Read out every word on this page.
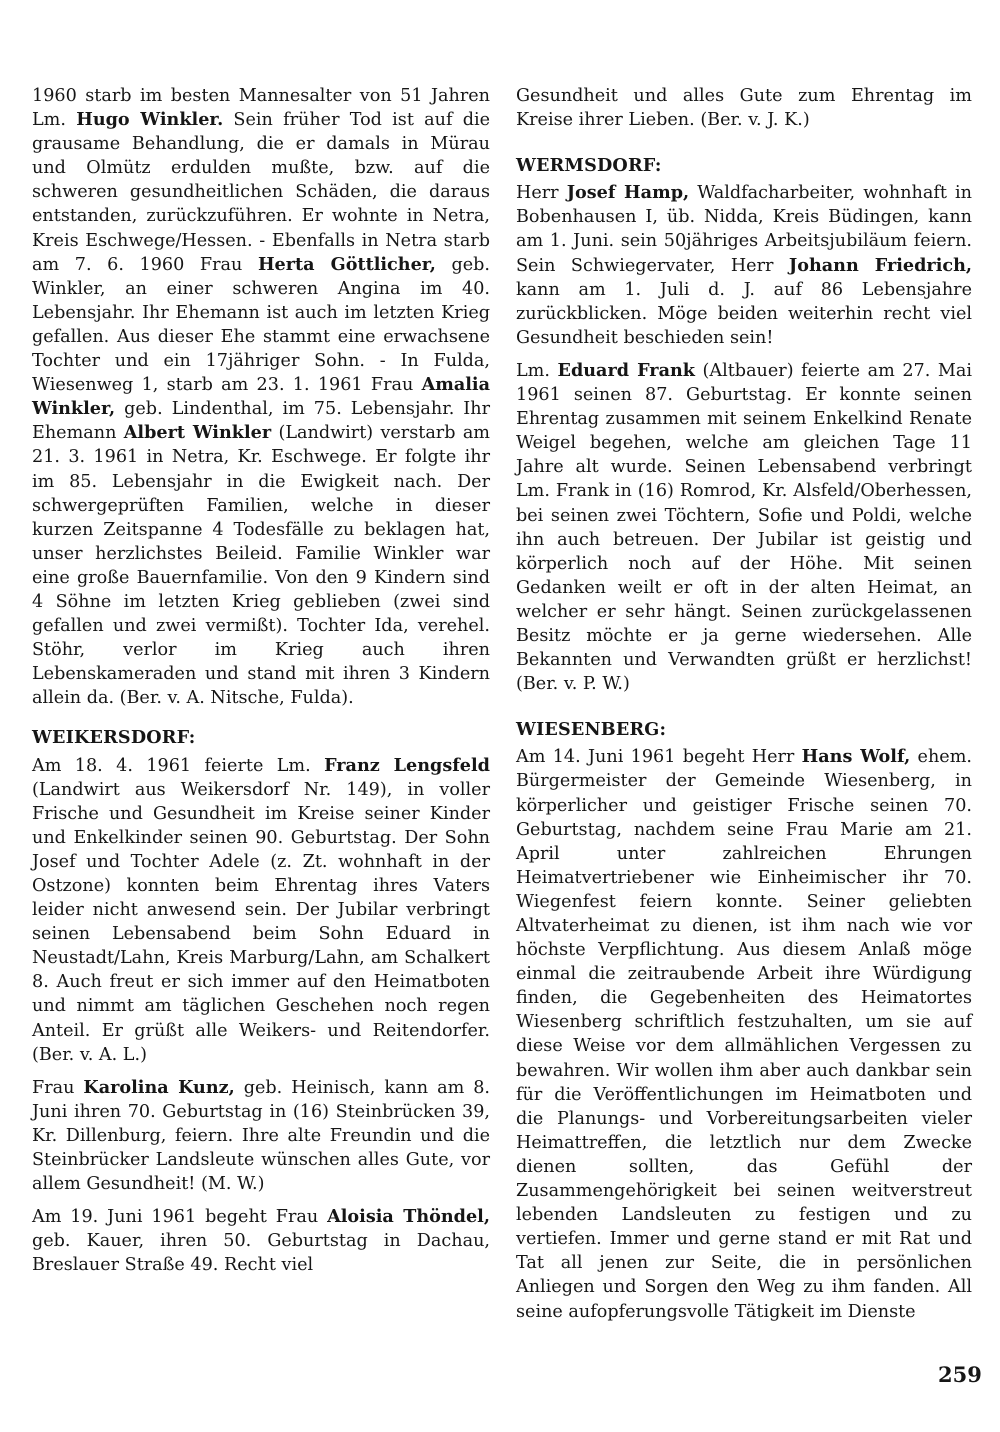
1960 starb im besten Mannesalter von 51 Jahren Lm. Hugo Winkler. Sein früher Tod ist auf die grausame Behandlung, die er damals in Mürau und Olmütz erdulden mußte, bzw. auf die schweren gesundheitlichen Schäden, die daraus entstanden, zurückzuführen. Er wohnte in Netra, Kreis Eschwege/Hessen. - Ebenfalls in Netra starb am 7. 6. 1960 Frau Herta Göttlicher, geb. Winkler, an einer schweren Angina im 40. Lebensjahr. Ihr Ehemann ist auch im letzten Krieg gefallen. Aus dieser Ehe stammt eine erwachsene Tochter und ein 17jähriger Sohn. - In Fulda, Wiesenweg 1, starb am 23. 1. 1961 Frau Amalia Winkler, geb. Lindenthal, im 75. Lebensjahr. Ihr Ehemann Albert Winkler (Landwirt) verstarb am 21. 3. 1961 in Netra, Kr. Eschwege. Er folgte ihr im 85. Lebensjahr in die Ewigkeit nach. Der schwergeprüften Familien, welche in dieser kurzen Zeitspanne 4 Todesfälle zu beklagen hat, unser herzlichstes Beileid. Familie Winkler war eine große Bauernfamilie. Von den 9 Kindern sind 4 Söhne im letzten Krieg geblieben (zwei sind gefallen und zwei vermißt). Tochter Ida, verehel. Stöhr, verlor im Krieg auch ihren Lebenskameraden und stand mit ihren 3 Kindern allein da. (Ber. v. A. Nitsche, Fulda).

WEIKERSDORF:

Am 18. 4. 1961 feierte Lm. Franz Lengsfeld (Landwirt aus Weikersdorf Nr. 149), in voller Frische und Gesundheit im Kreise seiner Kinder und Enkelkinder seinen 90. Geburtstag. Der Sohn Josef und Tochter Adele (z. Zt. wohnhaft in der Ostzone) konnten beim Ehrentag ihres Vaters leider nicht anwesend sein. Der Jubilar verbringt seinen Lebensabend beim Sohn Eduard in Neustadt/Lahn, Kreis Marburg/Lahn, am Schalkert 8. Auch freut er sich immer auf den Heimatboten und nimmt am täglichen Geschehen noch regen Anteil. Er grüßt alle Weikers- und Reitendorfer. (Ber. v. A. L.)

Frau Karolina Kunz, geb. Heinisch, kann am 8. Juni ihren 70. Geburtstag in (16) Steinbrücken 39, Kr. Dillenburg, feiern. Ihre alte Freundin und die Steinbrücker Landsleute wünschen alles Gute, vor allem Gesundheit! (M. W.)

Am 19. Juni 1961 begeht Frau Aloisia Thöndel, geb. Kauer, ihren 50. Geburtstag in Dachau, Breslauer Straße 49. Recht viel

Gesundheit und alles Gute zum Ehrentag im Kreise ihrer Lieben. (Ber. v. J. K.)

WERMSDORF:

Herr Josef Hamp, Waldfacharbeiter, wohnhaft in Bobenhausen I, üb. Nidda, Kreis Büdingen, kann am 1. Juni. sein 50jähriges Arbeitsjubiläum feiern. Sein Schwiegervater, Herr Johann Friedrich, kann am 1. Juli d. J. auf 86 Lebensjahre zurückblicken. Möge beiden weiterhin recht viel Gesundheit beschieden sein!

Lm. Eduard Frank (Altbauer) feierte am 27. Mai 1961 seinen 87. Geburtstag. Er konnte seinen Ehrentag zusammen mit seinem Enkelkind Renate Weigel begehen, welche am gleichen Tage 11 Jahre alt wurde. Seinen Lebensabend verbringt Lm. Frank in (16) Romrod, Kr. Alsfeld/Oberhessen, bei seinen zwei Töchtern, Sofie und Poldi, welche ihn auch betreuen. Der Jubilar ist geistig und körperlich noch auf der Höhe. Mit seinen Gedanken weilt er oft in der alten Heimat, an welcher er sehr hängt. Seinen zurückgelassenen Besitz möchte er ja gerne wiedersehen. Alle Bekannten und Verwandten grüßt er herzlichst! (Ber. v. P. W.)

WIESENBERG:

Am 14. Juni 1961 begeht Herr Hans Wolf, ehem. Bürgermeister der Gemeinde Wiesenberg, in körperlicher und geistiger Frische seinen 70. Geburtstag, nachdem seine Frau Marie am 21. April unter zahlreichen Ehrungen Heimatvertriebener wie Einheimischer ihr 70. Wiegenfest feiern konnte. Seiner geliebten Altvaterheimat zu dienen, ist ihm nach wie vor höchste Verpflichtung. Aus diesem Anlaß möge einmal die zeitraubende Arbeit ihre Würdigung finden, die Gegebenheiten des Heimatortes Wiesenberg schriftlich festzuhalten, um sie auf diese Weise vor dem allmählichen Vergessen zu bewahren. Wir wollen ihm aber auch dankbar sein für die Veröffentlichungen im Heimatboten und die Planungs- und Vorbereitungsarbeiten vieler Heimattreffen, die letztlich nur dem Zwecke dienen sollten, das Gefühl der Zusammengehörigkeit bei seinen weitverstreut lebenden Landsleuten zu festigen und zu vertiefen. Immer und gerne stand er mit Rat und Tat all jenen zur Seite, die in persönlichen Anliegen und Sorgen den Weg zu ihm fanden. All seine aufopferungsvolle Tätigkeit im Dienste

259
